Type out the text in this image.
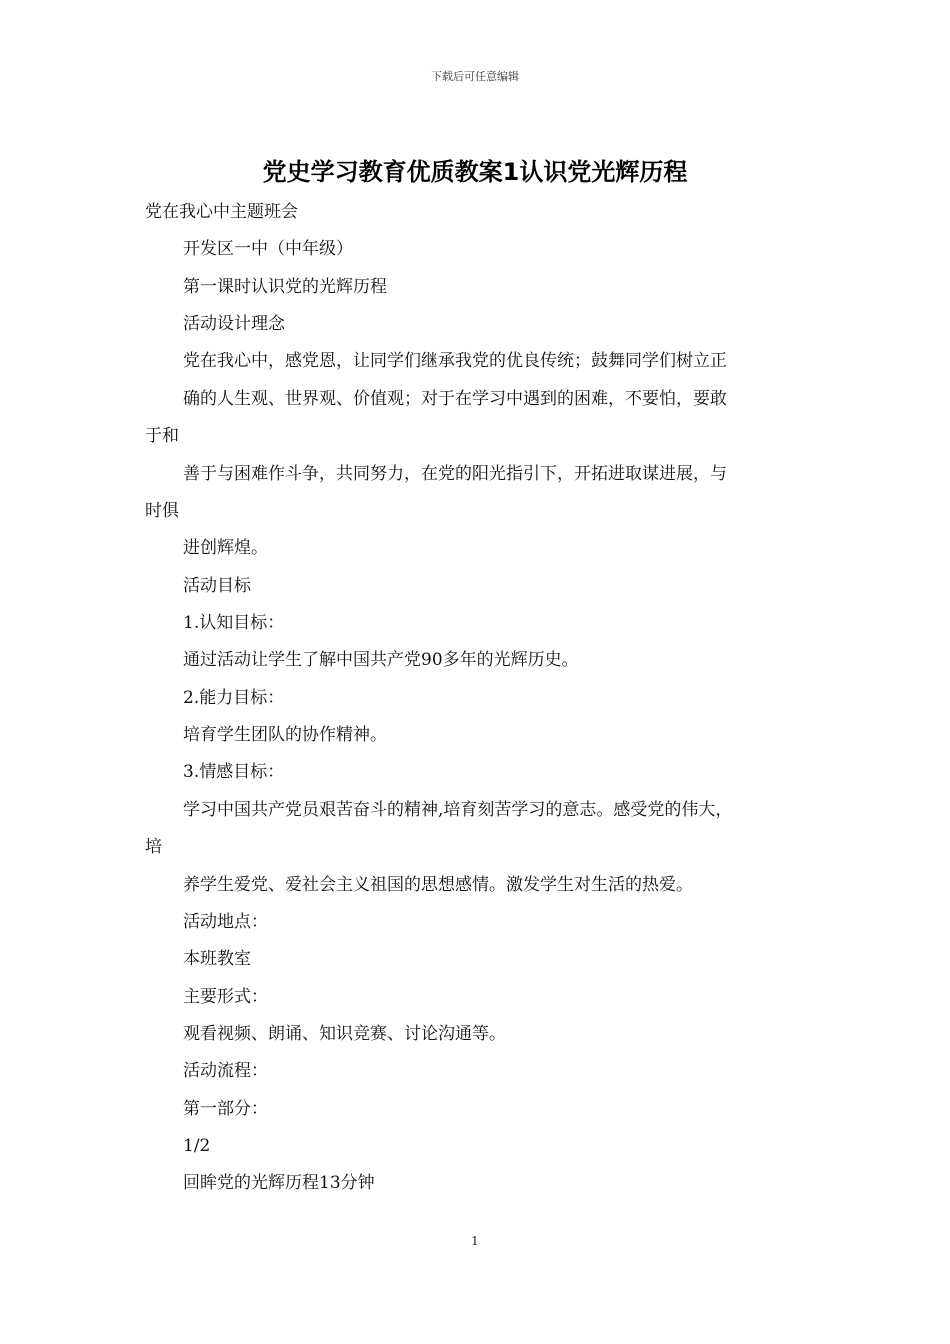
下载后可任意编辑
党史学习教育优质教案1认识党光辉历程
党在我心中主题班会
开发区一中（中年级）
第一课时认识党的光辉历程
活动设计理念
党在我心中，感党恩，让同学们继承我党的优良传统；鼓舞同学们树立正
确的人生观、世界观、价值观；对于在学习中遇到的困难，不要怕，要敢
于和
善于与困难作斗争，共同努力，在党的阳光指引下，开拓进取谋进展，与
时俱
进创辉煌。
活动目标
1.认知目标：
通过活动让学生了解中国共产党90多年的光辉历史。
2.能力目标：
培育学生团队的协作精神。
3.情感目标：
学习中国共产党员艰苦奋斗的精神,培育刻苦学习的意志。感受党的伟大，
培
养学生爱党、爱社会主义祖国的思想感情。激发学生对生活的热爱。
活动地点：
本班教室
主要形式：
观看视频、朗诵、知识竞赛、讨论沟通等。
活动流程：
第一部分：
1/2
回眸党的光辉历程13分钟
1
